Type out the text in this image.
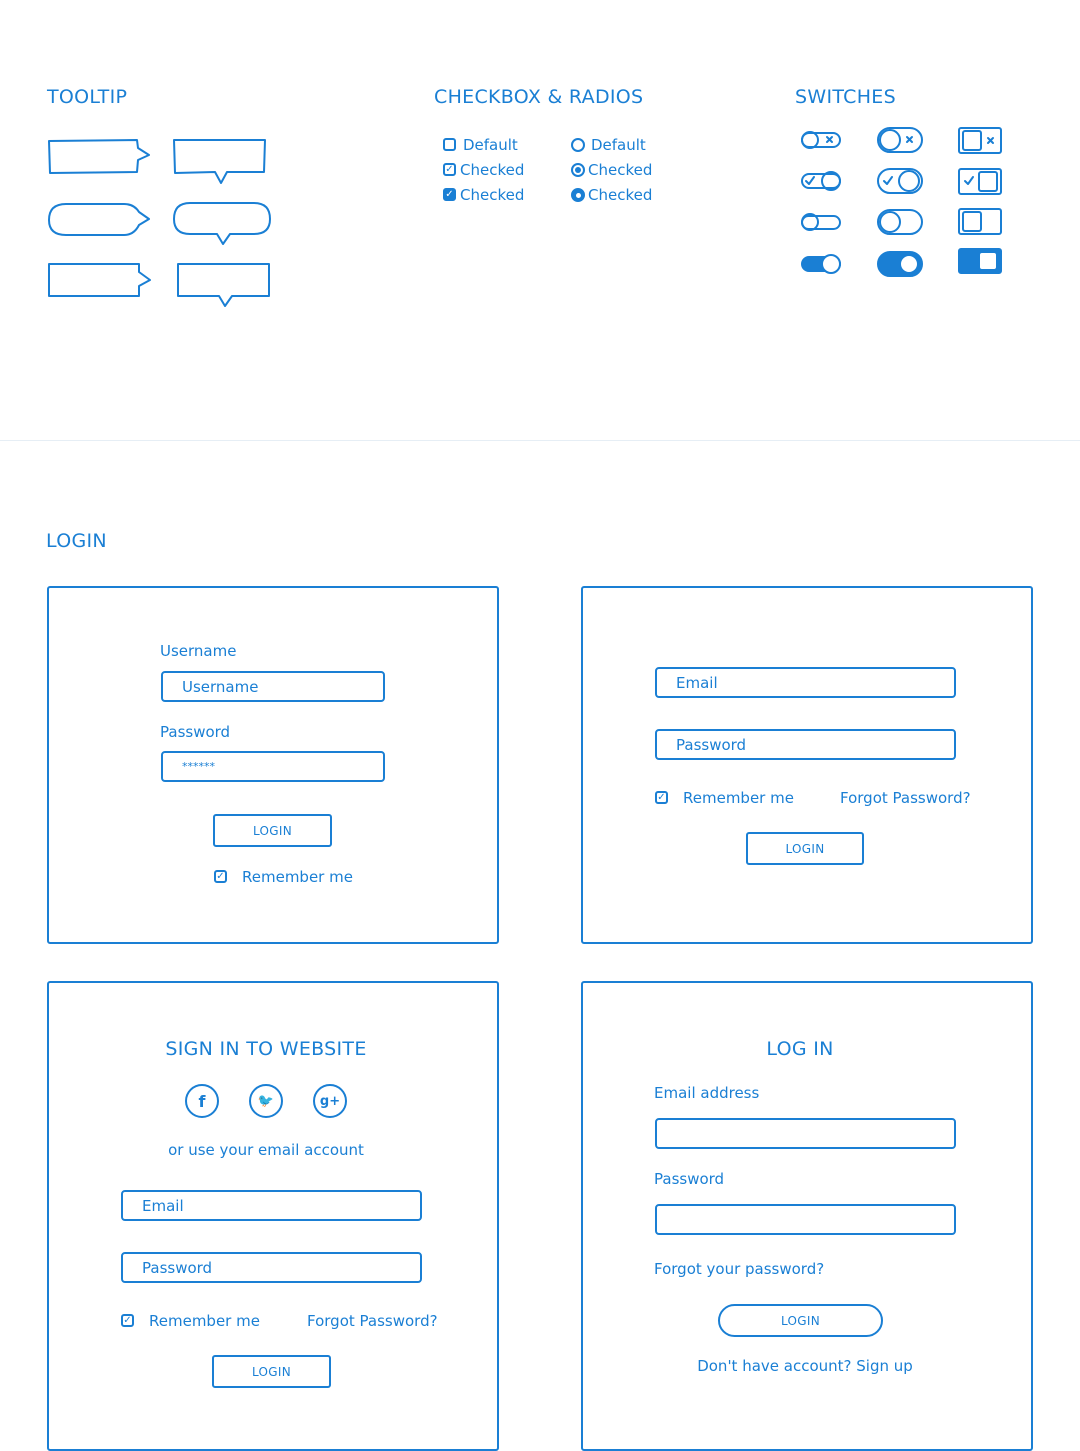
TOOLTIP	CHECKBOX & RADIOS	SWITCHES
Default
✓ Checked
✓ Checked
Default
Checked
Checked
LOGIN
Username
Username
Password
******
LOGIN
✓ Remember me
Email
Password
✓ Remember me	Forgot Password?
LOGIN
SIGN IN TO WEBSITE
f	🐦	g+
or use your email account
Email
Password
✓ Remember me	Forgot Password?
LOGIN
LOG IN
Email address
Password
Forgot your password?
LOGIN
Don't have account? Sign up
